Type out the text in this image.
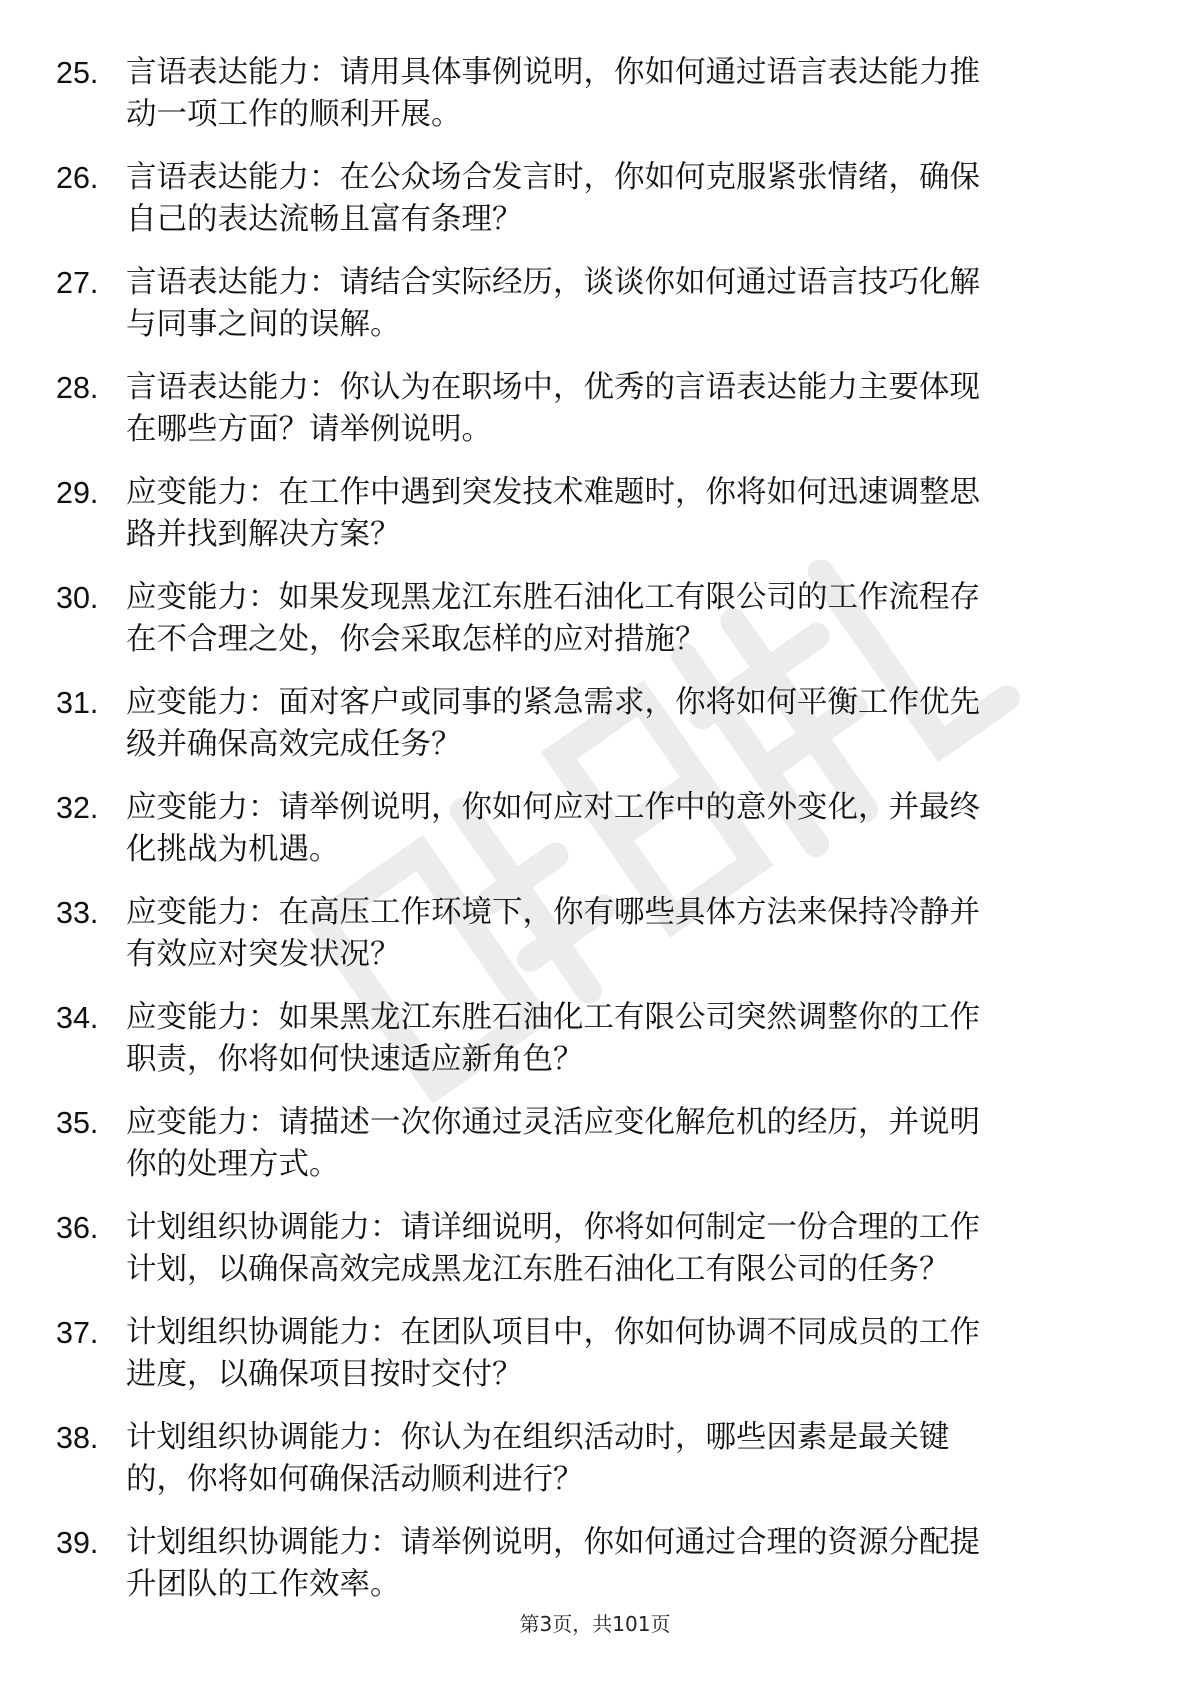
25. 言语表达能力：请用具体事例说明，你如何通过语言表达能力推
动一项工作的顺利开展。
26. 言语表达能力：在公众场合发言时，你如何克服紧张情绪，确保
自己的表达流畅且富有条理？
27. 言语表达能力：请结合实际经历，谈谈你如何通过语言技巧化解
与同事之间的误解。
28. 言语表达能力：你认为在职场中，优秀的言语表达能力主要体现
在哪些方面？请举例说明。
29. 应变能力：在工作中遇到突发技术难题时，你将如何迅速调整思
路并找到解决方案？
30. 应变能力：如果发现黑龙江东胜石油化工有限公司的工作流程存
在不合理之处，你会采取怎样的应对措施？
31. 应变能力：面对客户或同事的紧急需求，你将如何平衡工作优先
级并确保高效完成任务？
32. 应变能力：请举例说明，你如何应对工作中的意外变化，并最终
化挑战为机遇。
33. 应变能力：在高压工作环境下，你有哪些具体方法来保持冷静并
有效应对突发状况？
34. 应变能力：如果黑龙江东胜石油化工有限公司突然调整你的工作
职责，你将如何快速适应新角色？
35. 应变能力：请描述一次你通过灵活应变化解危机的经历，并说明
你的处理方式。
36. 计划组织协调能力：请详细说明，你将如何制定一份合理的工作
计划，以确保高效完成黑龙江东胜石油化工有限公司的任务？
37. 计划组织协调能力：在团队项目中，你如何协调不同成员的工作
进度，以确保项目按时交付？
38. 计划组织协调能力：你认为在组织活动时，哪些因素是最关键
的，你将如何确保活动顺利进行？
39. 计划组织协调能力：请举例说明，你如何通过合理的资源分配提
升团队的工作效率。
第3页，共101页
